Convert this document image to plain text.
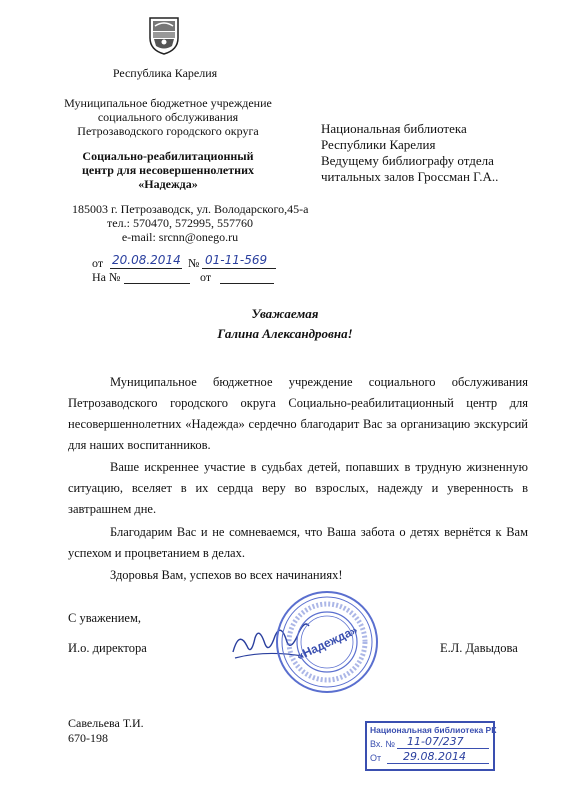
Республика Карелия
Муниципальное бюджетное учреждение
социального обслуживания
Петрозаводского городского округа
Социально-реабилитационный
центр для несовершеннолетних
«Надежда»
185003 г. Петрозаводск, ул. Володарского,45-а
тел.: 570470, 572995, 557760
e-mail: srcnn@onego.ru
от 20.08.2014 № 01-11-569
На №	от
Национальная библиотека
Республики Карелия
Ведущему библиографу отдела
читальных залов Гроссман Г.А..
Уважаемая
Галина Александровна!
Муниципальное бюджетное учреждение социального обслуживания Петрозаводского городского округа Социально-реабилитационный центр для несовершеннолетних «Надежда» сердечно благодарит Вас за организацию экскурсий для наших воспитанников.
Ваше искреннее участие в судьбах детей, попавших в трудную жизненную ситуацию, вселяет в их сердца веру во взрослых, надежду и уверенность в завтрашнем дне.
Благодарим Вас и не сомневаемся, что Ваша забота о детях вернётся к Вам успехом и процветанием в делах.
Здоровья Вам, успехов во всех начинаниях!
С уважением,
И.о. директора	Е.Л. Давыдова
«Надежда»
Савельева Т.И.
670-198
Национальная библиотека РК
Вх. № 11-07/237
От 29.08.2014
